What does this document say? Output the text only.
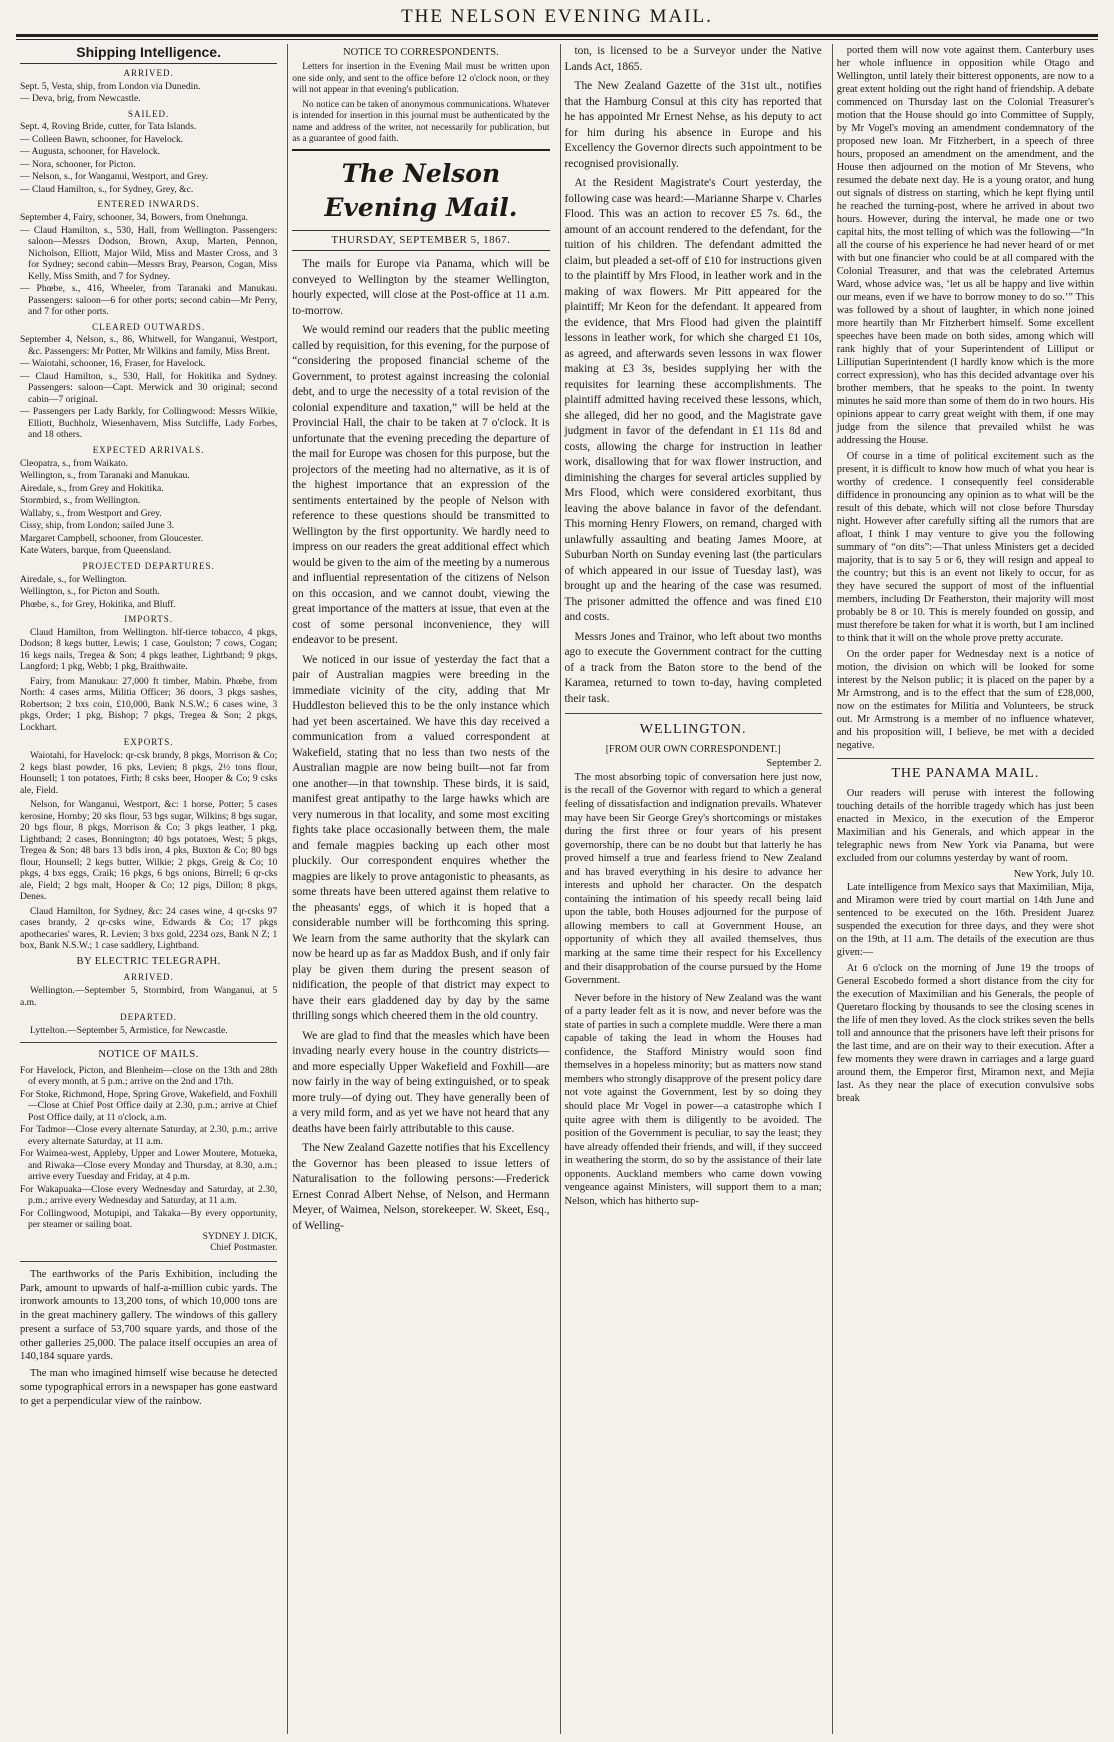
THE NELSON EVENING MAIL.
Shipping Intelligence.
ARRIVED.
Sept. 5, Vesta, ship, from London via Dunedin.
— Deva, brig, from Newcastle.
SAILED.
Sept. 4, Roving Bride, cutter, for Tata Islands.
— Colleen Bawn, schooner, for Havelock.
— Augusta, schooner, for Havelock.
— Nora, schooner, for Picton.
— Nelson, s., for Wanganui, Westport, and Grey.
— Claud Hamilton, s., for Sydney, Grey, &c.
ENTERED INWARDS.
September 4, Fairy, schooner, 34, Bowers, from Onehunga.
— Claud Hamilton, s., 530, Hall, from Wellington. Passengers: saloon—Messrs Dodson, Brown, Axup, Marten, Pennon, Nicholson, Elliott, Major Wild, Miss and Master Cross, and 3 for Sydney; second cabin—Messrs Bray, Pearson, Cogan, Miss Kelly, Miss Smith, and 7 for Sydney.
— Phœbe, s., 416, Wheeler, from Taranaki and Manukau. Passengers: saloon—6 for other ports; second cabin—Mr Perry, and 7 for other ports.
CLEARED OUTWARDS.
September 4, Nelson, s., 86, Whitwell, for Wanganui, Westport, &c. Passengers: Mr Potter, Mr Wilkins and family, Miss Brent.
— Waiotahi, schooner, 16, Fraser, for Havelock.
— Claud Hamilton, s., 530, Hall, for Hokitika and Sydney. Passengers: saloon—Capt. Merwick and 30 original; second cabin—7 original.
— Passengers per Lady Barkly, for Collingwood: Messrs Wilkie, Elliott, Buchholz, Wiesenhavern, Miss Sutcliffe, Lady Forbes, and 18 others.
EXPECTED ARRIVALS.
Cleopatra, s., from Waikato.
Wellington, s., from Taranaki and Manukau.
Airedale, s., from Grey and Hokitika.
Stormbird, s., from Wellington.
Wallaby, s., from Westport and Grey.
Cissy, ship, from London; sailed June 3.
Margaret Campbell, schooner, from Gloucester.
Kate Waters, barque, from Queensland.
PROJECTED DEPARTURES.
Airedale, s., for Wellington.
Wellington, s., for Picton and South.
Phœbe, s., for Grey, Hokitika, and Bluff.
IMPORTS.

Claud Hamilton, from Wellington. hlf-tierce tobacco, 4 pkgs, Dodson; 8 kegs butter, Lewis; 1 case, Goulston; 7 cows, Cogan; 16 kegs nails, Tregea & Son; 4 pkgs leather, Lightband; 9 pkgs, Langford; 1 pkg, Webb; 1 pkg, Braithwaite.

Fairy, from Manukau: 27,000 ft timber, Mabin. Phœbe, from North: 4 cases arms, Militia Officer; 36 doors, 3 pkgs sashes, Robertson; 2 bxs coin, £10,000, Bank N.S.W.; 6 cases wine, 3 pkgs, Order; 1 pkg, Bishop; 7 pkgs, Tregea & Son; 2 pkgs, Lockhart.

EXPORTS.

Waiotahi, for Havelock: qr-csk brandy, 8 pkgs, Morrison & Co; 2 kegs blast powder, 16 pks, Levien; 8 pkgs, 2½ tons flour, Hounsell; 1 ton potatoes, Firth; 8 csks beer, Hooper & Co; 9 csks ale, Field.

Nelson, for Wanganui, Westport, &c: 1 horse, Potter; 5 cases kerosine, Hornby; 20 sks flour, 53 bgs sugar, Wilkins; 8 bgs sugar, 20 bgs flour, 8 pkgs, Morrison & Co; 3 pkgs leather, 1 pkg, Lightband; 2 cases, Bonnington; 40 bgs potatoes, West; 5 pkgs, Tregea & Son; 48 bars 13 bdls iron, 4 pks, Buxton & Co; 80 bgs flour, Hounsell; 2 kegs butter, Wilkie; 2 pkgs, Greig & Co; 10 pkgs, 4 bxs eggs, Craik; 16 pkgs, 6 bgs onions, Birrell; 6 qr-cks ale, Field; 2 bgs malt, Hooper & Co; 12 pigs, Dillon; 8 pkgs, Denes.

Claud Hamilton, for Sydney, &c: 24 cases wine, 4 qr-csks 97 cases brandy, 2 qr-csks wine, Edwards & Co; 17 pkgs apothecaries' wares, R. Levien; 3 bxs gold, 2234 ozs, Bank N Z; 1 box, Bank N.S.W.; 1 case saddlery, Lightband.

BY ELECTRIC TELEGRAPH.
ARRIVED.

Wellington.—September 5, Stormbird, from Wanganui, at 5 a.m.

DEPARTED.

Lyttelton.—September 5, Armistice, for Newcastle.

NOTICE OF MAILS.
For Havelock, Picton, and Blenheim—close on the 13th and 28th of every month, at 5 p.m.; arrive on the 2nd and 17th.
For Stoke, Richmond, Hope, Spring Grove, Wakefield, and Foxhill—Close at Chief Post Office daily at 2.30, p.m.; arrive at Chief Post Office daily, at 11 o'clock, a.m.
For Tadmor—Close every alternate Saturday, at 2.30, p.m.; arrive every alternate Saturday, at 11 a.m.
For Waimea-west, Appleby, Upper and Lower Moutere, Motueka, and Riwaka—Close every Monday and Thursday, at 8.30, a.m.; arrive every Tuesday and Friday, at 4 p.m.
For Wakapuaka—Close every Wednesday and Saturday, at 2.30, p.m.; arrive every Wednesday and Saturday, at 11 a.m.
For Collingwood, Motupipi, and Takaka—By every opportunity, per steamer or sailing boat.
SYDNEY J. DICK,
Chief Postmaster.

The earthworks of the Paris Exhibition, including the Park, amount to upwards of half-a-million cubic yards. The ironwork amounts to 13,200 tons, of which 10,000 tons are in the great machinery gallery. The windows of this gallery present a surface of 53,700 square yards, and those of the other galleries 25,000. The palace itself occupies an area of 140,184 square yards.

The man who imagined himself wise because he detected some typographical errors in a newspaper has gone eastward to get a perpendicular view of the rainbow.

NOTICE TO CORRESPONDENTS.

Letters for insertion in the Evening Mail must be written upon one side only, and sent to the office before 12 o'clock noon, or they will not appear in that evening's publication.

No notice can be taken of anonymous communications. Whatever is intended for insertion in this journal must be authenticated by the name and address of the writer, not necessarily for publication, but as a guarantee of good faith.

The Nelson Evening Mail.
THURSDAY, SEPTEMBER 5, 1867.

The mails for Europe via Panama, which will be conveyed to Wellington by the steamer Wellington, hourly expected, will close at the Post-office at 11 a.m. to-morrow.

We would remind our readers that the public meeting called by requisition, for this evening, for the purpose of “considering the proposed financial scheme of the Government, to protest against increasing the colonial debt, and to urge the necessity of a total revision of the colonial expenditure and taxation,” will be held at the Provincial Hall, the chair to be taken at 7 o'clock. It is unfortunate that the evening preceding the departure of the mail for Europe was chosen for this purpose, but the projectors of the meeting had no alternative, as it is of the highest importance that an expression of the sentiments entertained by the people of Nelson with reference to these questions should be transmitted to Wellington by the first opportunity. We hardly need to impress on our readers the great additional effect which would be given to the aim of the meeting by a numerous and influential representation of the citizens of Nelson on this occasion, and we cannot doubt, viewing the great importance of the matters at issue, that even at the cost of some personal inconvenience, they will endeavor to be present.

We noticed in our issue of yesterday the fact that a pair of Australian magpies were breeding in the immediate vicinity of the city, adding that Mr Huddleston believed this to be the only instance which had yet been ascertained. We have this day received a communication from a valued correspondent at Wakefield, stating that no less than two nests of the Australian magpie are now being built—not far from one another—in that township. These birds, it is said, manifest great antipathy to the large hawks which are very numerous in that locality, and some most exciting fights take place occasionally between them, the male and female magpies backing up each other most pluckily. Our correspondent enquires whether the magpies are likely to prove antagonistic to pheasants, as some threats have been uttered against them relative to the pheasants' eggs, of which it is hoped that a considerable number will be forthcoming this spring. We learn from the same authority that the skylark can now be heard up as far as Maddox Bush, and if only fair play be given them during the present season of nidification, the people of that district may expect to have their ears gladdened day by day by the same thrilling songs which cheered them in the old country.

We are glad to find that the measles which have been invading nearly every house in the country districts—and more especially Upper Wakefield and Foxhill—are now fairly in the way of being extinguished, or to speak more truly—of dying out. They have generally been of a very mild form, and as yet we have not heard that any deaths have been fairly attributable to this cause.

The New Zealand Gazette notifies that his Excellency the Governor has been pleased to issue letters of Naturalisation to the following persons:—Frederick Ernest Conrad Albert Nehse, of Nelson, and Hermann Meyer, of Waimea, Nelson, storekeeper. W. Skeet, Esq., of Welling-

ton, is licensed to be a Surveyor under the Native Lands Act, 1865.

The New Zealand Gazette of the 31st ult., notifies that the Hamburg Consul at this city has reported that he has appointed Mr Ernest Nehse, as his deputy to act for him during his absence in Europe and his Excellency the Governor directs such appointment to be recognised provisionally.

At the Resident Magistrate's Court yesterday, the following case was heard:—Marianne Sharpe v. Charles Flood. This was an action to recover £5 7s. 6d., the amount of an account rendered to the defendant, for the tuition of his children. The defendant admitted the claim, but pleaded a set-off of £10 for instructions given to the plaintiff by Mrs Flood, in leather work and in the making of wax flowers. Mr Pitt appeared for the plaintiff; Mr Keon for the defendant. It appeared from the evidence, that Mrs Flood had given the plaintiff lessons in leather work, for which she charged £1 10s, as agreed, and afterwards seven lessons in wax flower making at £3 3s, besides supplying her with the requisites for learning these accomplishments. The plaintiff admitted having received these lessons, which, she alleged, did her no good, and the Magistrate gave judgment in favor of the defendant in £1 11s 8d and costs, allowing the charge for instruction in leather work, disallowing that for wax flower instruction, and diminishing the charges for several articles supplied by Mrs Flood, which were considered exorbitant, thus leaving the above balance in favor of the defendant. This morning Henry Flowers, on remand, charged with unlawfully assaulting and beating James Moore, at Suburban North on Sunday evening last (the particulars of which appeared in our issue of Tuesday last), was brought up and the hearing of the case was resumed. The prisoner admitted the offence and was fined £10 and costs.

Messrs Jones and Trainor, who left about two months ago to execute the Government contract for the cutting of a track from the Baton store to the bend of the Karamea, returned to town to-day, having completed their task.

WELLINGTON.
[FROM OUR OWN CORRESPONDENT.]
September 2.

The most absorbing topic of conversation here just now, is the recall of the Governor with regard to which a general feeling of dissatisfaction and indignation prevails. Whatever may have been Sir George Grey's shortcomings or mistakes during the first three or four years of his present governorship, there can be no doubt but that latterly he has proved himself a true and fearless friend to New Zealand and has braved everything in his desire to advance her interests and uphold her character. On the despatch containing the intimation of his speedy recall being laid upon the table, both Houses adjourned for the purpose of allowing members to call at Government House, an opportunity of which they all availed themselves, thus marking at the same time their respect for his Excellency and their disapprobation of the course pursued by the Home Government.

Never before in the history of New Zealand was the want of a party leader felt as it is now, and never before was the state of parties in such a complete muddle. Were there a man capable of taking the lead in whom the Houses had confidence, the Stafford Ministry would soon find themselves in a hopeless minority; but as matters now stand members who strongly disapprove of the present policy dare not vote against the Government, lest by so doing they should place Mr Vogel in power—a catastrophe which I quite agree with them is diligently to be avoided. The position of the Government is peculiar, to say the least; they have already offended their friends, and will, if they succeed in weathering the storm, do so by the assistance of their late opponents. Auckland members who came down vowing vengeance against Ministers, will support them to a man; Nelson, which has hitherto sup-

ported them will now vote against them. Canterbury uses her whole influence in opposition while Otago and Wellington, until lately their bitterest opponents, are now to a great extent holding out the right hand of friendship. A debate commenced on Thursday last on the Colonial Treasurer's motion that the House should go into Committee of Supply, by Mr Vogel's moving an amendment condemnatory of the proposed new loan. Mr Fitzherbert, in a speech of three hours, proposed an amendment on the amendment, and the House then adjourned on the motion of Mr Stevens, who resumed the debate next day. He is a young orator, and hung out signals of distress on starting, which he kept flying until he reached the turning-post, where he arrived in about two hours. However, during the interval, he made one or two capital hits, the most telling of which was the following—“In all the course of his experience he had never heard of or met with but one financier who could be at all compared with the Colonial Treasurer, and that was the celebrated Artemus Ward, whose advice was, ‘let us all be happy and live within our means, even if we have to borrow money to do so.’” This was followed by a shout of laughter, in which none joined more heartily than Mr Fitzherbert himself. Some excellent speeches have been made on both sides, among which will rank highly that of your Superintendent of Lilliput or Lilliputian Superintendent (I hardly know which is the more correct expression), who has this decided advantage over his brother members, that he speaks to the point. In twenty minutes he said more than some of them do in two hours. His opinions appear to carry great weight with them, if one may judge from the silence that prevailed whilst he was addressing the House.

Of course in a time of political excitement such as the present, it is difficult to know how much of what you hear is worthy of credence. I consequently feel considerable diffidence in pronouncing any opinion as to what will be the result of this debate, which will not close before Thursday night. However after carefully sifting all the rumors that are afloat, I think I may venture to give you the following summary of “on dits”:—That unless Ministers get a decided majority, that is to say 5 or 6, they will resign and appeal to the country; but this is an event not likely to occur, for as they have secured the support of most of the influential members, including Dr Featherston, their majority will most probably be 8 or 10. This is merely founded on gossip, and must therefore be taken for what it is worth, but I am inclined to think that it will on the whole prove pretty accurate.

On the order paper for Wednesday next is a notice of motion, the division on which will be looked for some interest by the Nelson public; it is placed on the paper by a Mr Armstrong, and is to the effect that the sum of £28,000, now on the estimates for Militia and Volunteers, be struck out. Mr Armstrong is a member of no influence whatever, and his proposition will, I believe, be met with a decided negative.

THE PANAMA MAIL.

Our readers will peruse with interest the following touching details of the horrible tragedy which has just been enacted in Mexico, in the execution of the Emperor Maximilian and his Generals, and which appear in the telegraphic news from New York via Panama, but were excluded from our columns yesterday by want of room.

New York, July 10.

Late intelligence from Mexico says that Maximilian, Mija, and Miramon were tried by court martial on 14th June and sentenced to be executed on the 16th. President Juarez suspended the execution for three days, and they were shot on the 19th, at 11 a.m. The details of the execution are thus given:—

At 6 o'clock on the morning of June 19 the troops of General Escobedo formed a short distance from the city for the execution of Maximilian and his Generals, the people of Queretaro flocking by thousands to see the closing scenes in the life of men they loved. As the clock strikes seven the bells toll and announce that the prisoners have left their prisons for the last time, and are on their way to their execution. After a few moments they were drawn in carriages and a large guard around them, the Emperor first, Miramon next, and Mejia last. As they near the place of execution convulsive sobs break
